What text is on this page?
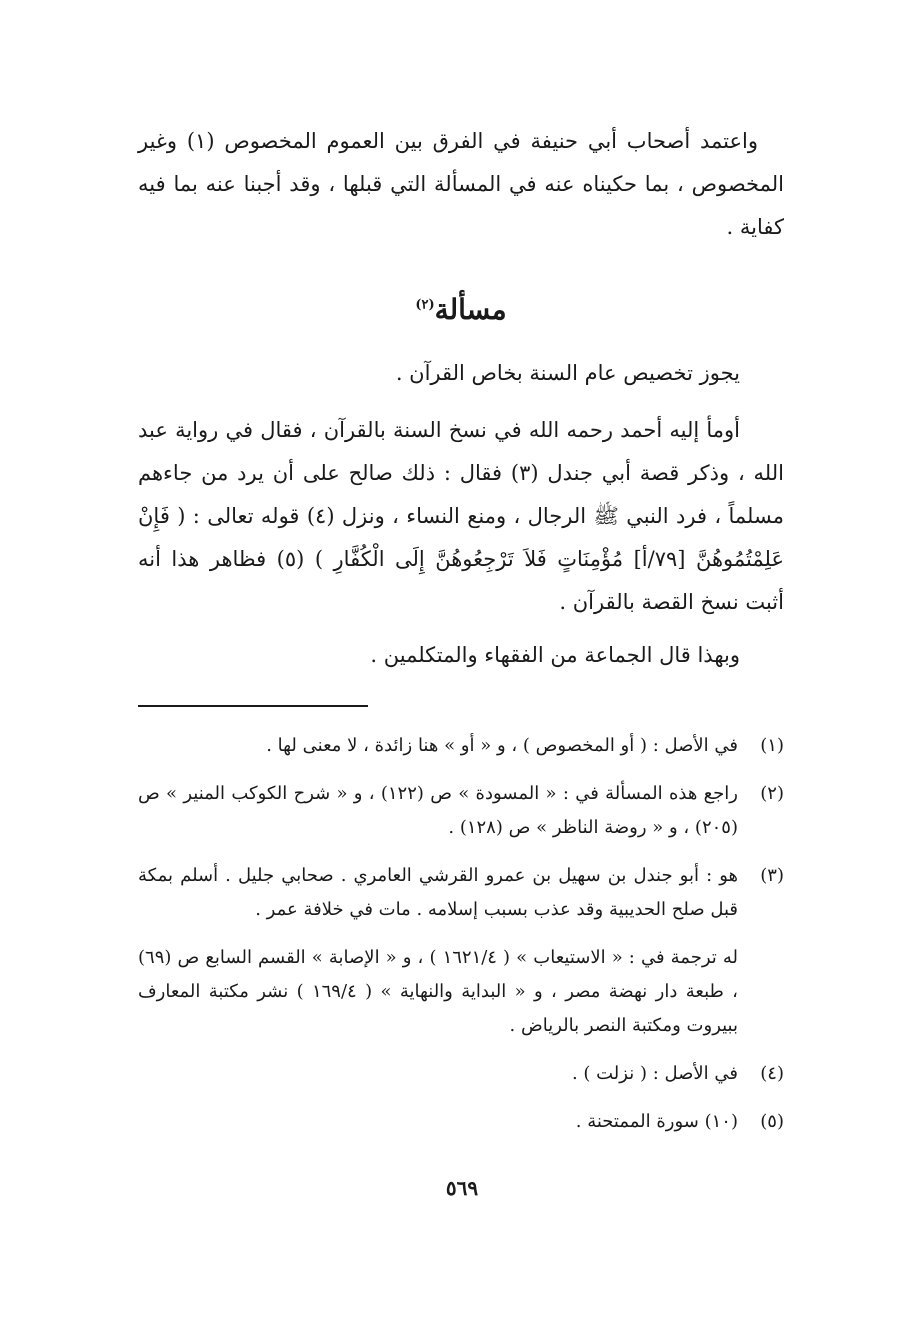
واعتمد أصحاب أبي حنيفة في الفرق بين العموم المخصوص (١) وغير المخصوص ، بما حكيناه عنه في المسألة التي قبلها ، وقد أجبنا عنه بما فيه كفاية .

مسألة$^{(٢)}$

يجوز تخصيص عام السنة بخاص القرآن .

أومأ إليه أحمد رحمه الله في نسخ السنة بالقرآن ، فقال في رواية عبد الله ، وذكر قصة أبي جندل (٣) فقال : ذلك صالح على أن يرد من جاءهم مسلماً ، فرد النبي ﷺ الرجال ، ومنع النساء ، ونزل (٤) قوله تعالى : ( فَإِنْ عَلِمْتُمُوهُنَّ [٧٩/أ] مُؤْمِنَاتٍ فَلاَ تَرْجِعُوهُنَّ إِلَى الْكُفَّارِ ) (٥) فظاهر هذا أنه أثبت نسخ القصة بالقرآن .

وبهذا قال الجماعة من الفقهاء والمتكلمين .

(١)
في الأصل : ( أو المخصوص ) ، و « أو » هنا زائدة ، لا معنى لها .
(٢)
راجع هذه المسألة في : « المسودة » ص (١٢٢) ، و « شرح الكوكب المنير » ص (٢٠٥) ، و « روضة الناظر » ص (١٢٨) .
(٣)
هو : أبو جندل بن سهيل بن عمرو القرشي العامري . صحابي جليل . أسلم بمكة قبل صلح الحديبية وقد عذب بسبب إسلامه . مات في خلافة عمر .
له ترجمة في : « الاستيعاب » ( ١٦٢١/٤ ) ، و « الإصابة » القسم السابع ص (٦٩) ، طبعة دار نهضة مصر ، و « البداية والنهاية » ( ١٦٩/٤ ) نشر مكتبة المعارف ببيروت ومكتبة النصر بالرياض .
(٤)
في الأصل : ( نزلت ) .
(٥)
(١٠) سورة الممتحنة .
٥٦٩
